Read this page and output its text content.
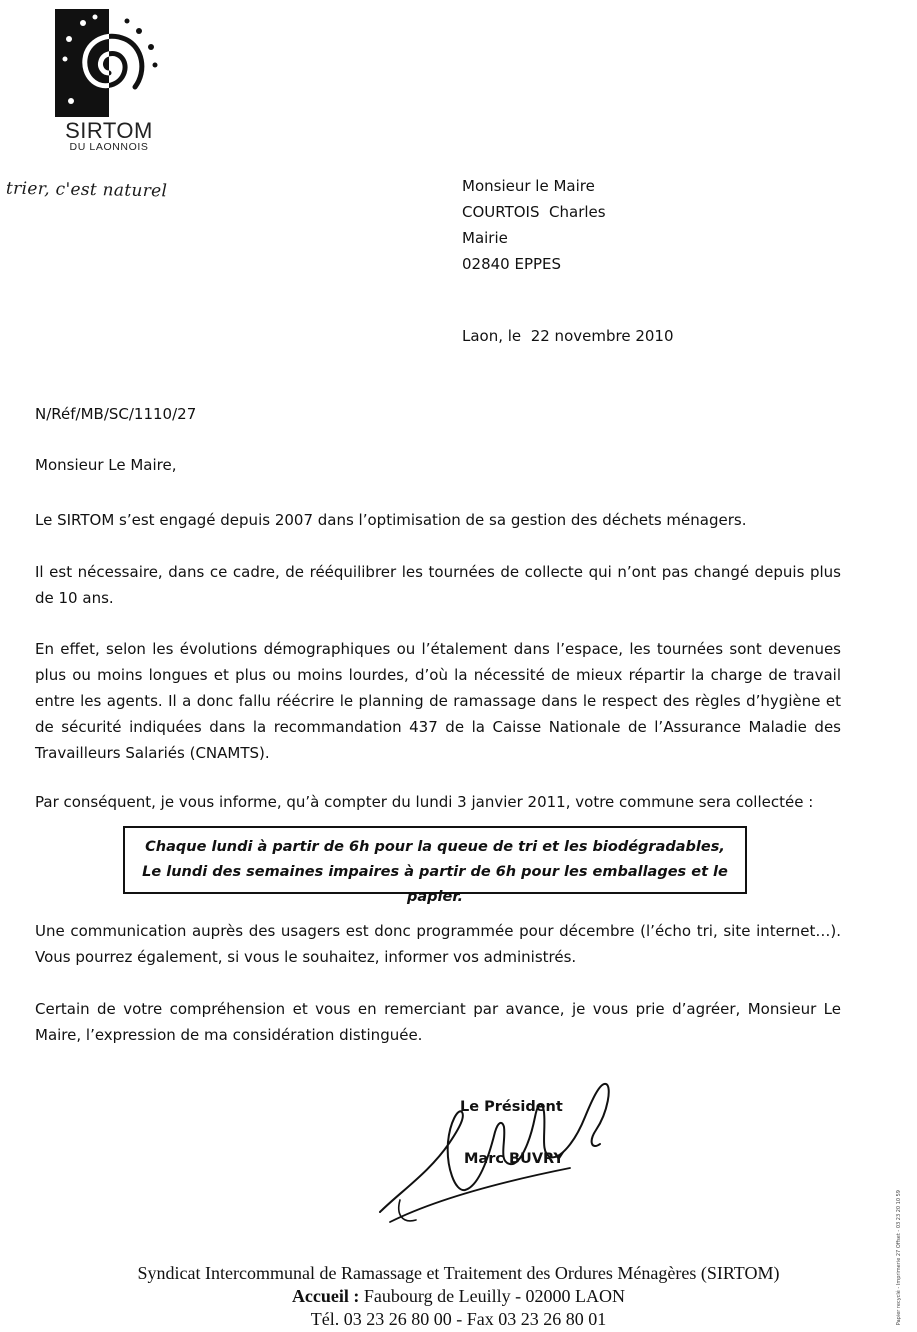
SIRTOM
DU LAONNOIS
trier, c'est naturel	Monsieur le Maire
COURTOIS  Charles
Mairie
02840 EPPES
Laon, le  22 novembre 2010
N/Réf/MB/SC/1110/27
Monsieur Le Maire,
Le SIRTOM s’est engagé depuis 2007 dans l’optimisation de sa gestion des déchets ménagers.
Il est nécessaire, dans ce cadre, de rééquilibrer les tournées de collecte qui n’ont pas changé depuis plus de 10 ans.
En effet, selon les évolutions démographiques ou l’étalement dans l’espace, les tournées sont devenues plus ou moins longues et plus ou moins lourdes, d’où la nécessité de mieux répartir la charge de travail entre les agents. Il a donc fallu réécrire le planning de ramassage dans le respect des règles d’hygiène et de sécurité indiquées dans la recommandation 437 de la Caisse Nationale de l’Assurance Maladie des Travailleurs Salariés (CNAMTS).
Par conséquent, je vous informe, qu’à compter du lundi 3 janvier 2011, votre commune sera collectée :
Chaque lundi à partir de 6h pour la queue de tri et les biodégradables,
Le lundi des semaines impaires à partir de 6h pour les emballages et le papier.
Une communication auprès des usagers est donc programmée pour décembre (l’écho tri, site internet…). Vous pourrez également, si vous le souhaitez, informer vos administrés.
Certain de votre compréhension et vous en remerciant par avance, je vous prie d’agréer, Monsieur Le Maire, l’expression de ma considération distinguée.
Le Président
Marc BUVRY
Syndicat Intercommunal de Ramassage et Traitement des Ordures Ménagères (SIRTOM)
Accueil : Faubourg de Leuilly - 02000 LAON
Tél. 03 23 26 80 00 - Fax 03 23 26 80 01	Papier recyclé - Imprimerie 27 Offset - 03 23 20 10 59
